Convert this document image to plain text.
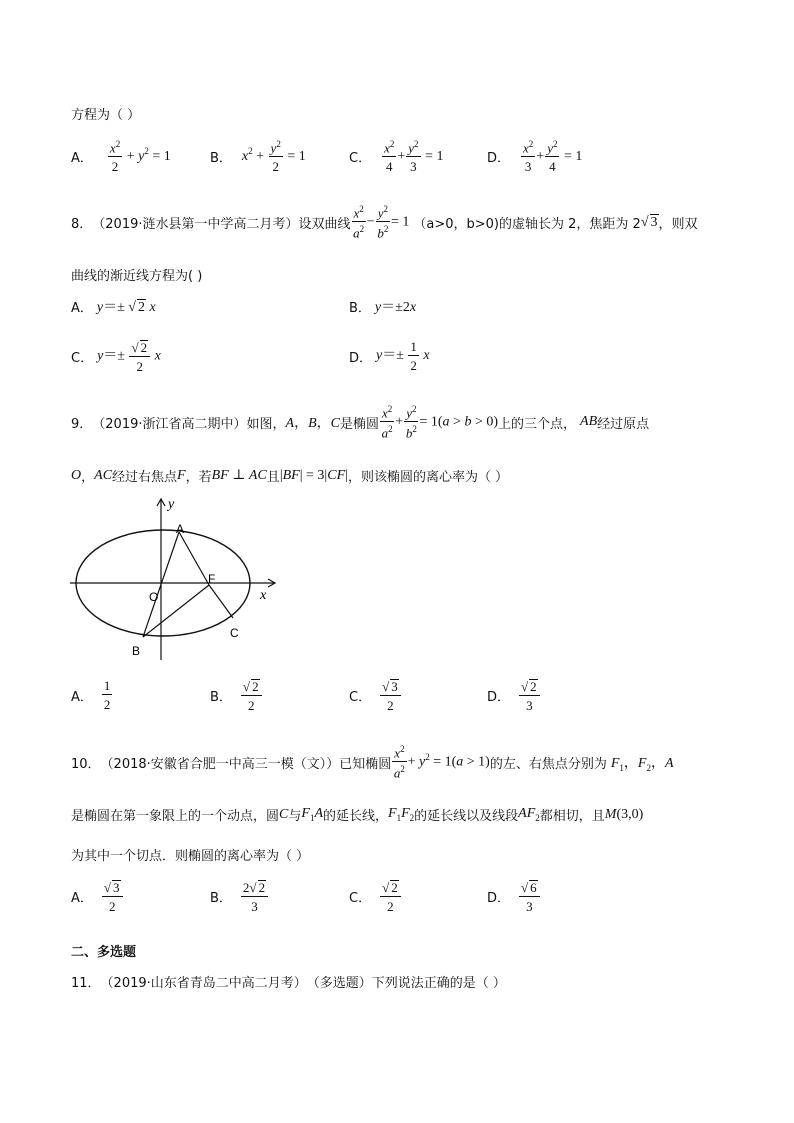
方程为（ ）
A． $\frac{x^2}{2} + y^2 = 1$	B． $x^2 + \frac{y^2}{2} = 1$	C． $\frac{x^2}{4} + \frac{y^2}{3} = 1$	D． $\frac{x^2}{3} + \frac{y^2}{4} = 1$
8． （2019·涟水县第一中学高二月考） 设双曲线 $\frac{x^2}{a^2} - \frac{y^2}{b^2} = 1$ （a>0，b>0)的虚轴长为 2，焦距为 2 √ 3 ，则双
曲线的渐近线方程为( )
A． y＝± √ 2 x	B． y＝±2x
C． $y=\pm \frac{√ 2}{2}$ x	D． $y=\pm \frac{1}{2}$ x
9． （2019·浙江省高二期中） 如图， A，B，C 是椭圆 $\frac{x^2}{a^2} + \frac{y^2}{b^2} = 1(a > b > 0)$ 上的三个点， AB 经过原点
O ， AC 经过右焦点 F ，若 BF ⊥ AC 且 |BF| = 3|CF| ，则该椭圆的离心率为（ ）
y
x
A
O
F
C
B
A． $\frac{1}{2}$	B． $\frac{√ 2}{2}$	C． $\frac{√ 3}{2}$	D． $\frac{√ 2}{3}$
10． （2018·安徽省合肥一中高三一模（文）） 已知椭圆 $\frac{x^2}{a^2} + y^2 = 1(a > 1)$ 的左、右焦点分别为 $F_1$，$F_2$，A
是椭圆在第一象限上的一个动点，圆 C 与 $F_1A$ 的延长线， $F_1F_2$ 的延长线以及线段 $AF_2$ 都相切，且 M(3,0)
为其中一个切点．则椭圆的离心率为（ ）
A． $\frac{√ 3}{2}$	B． $\frac{2√ 2}{3}$	C． $\frac{√ 2}{2}$	D． $\frac{√ 6}{3}$
二、多选题
11． （2019·山东省青岛二中高二月考） （多选题）下列说法正确的是（ ）
